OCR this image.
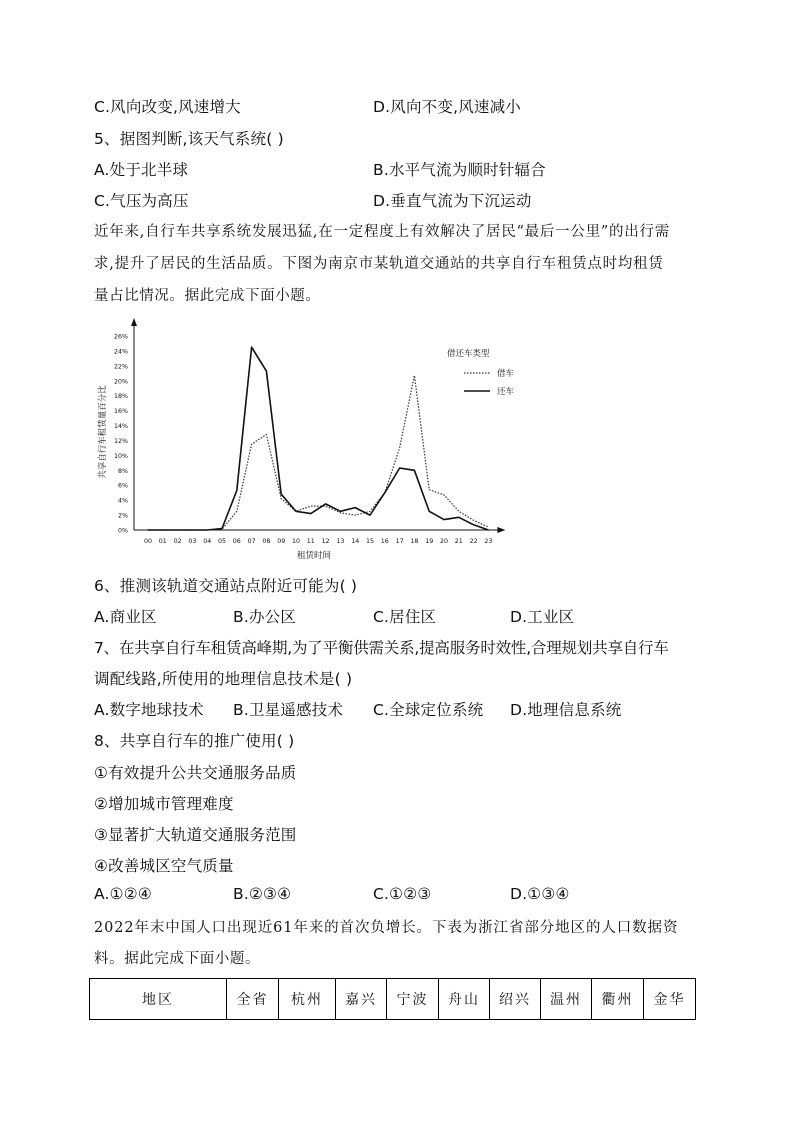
C.风向改变,风速增大	D.风向不变,风速减小
5、据图判断,该天气系统( )
A.处于北半球	B.水平气流为顺时针辐合
C.气压为高压	D.垂直气流为下沉运动
近年来,自行车共享系统发展迅猛,在一定程度上有效解决了居民“最后一公里”的出行需
求,提升了居民的生活品质。下图为南京市某轨道交通站的共享自行车租赁点时均租赁
量占比情况。据此完成下面小题。
共享自行车租赁量百分比
租赁时间
借还车类型
借车
还车
0%
2%
4%
6%
8%
10%
12%
14%
16%
18%
20%
22%
24%
26%
00 01 02 03 04 05 06 07 08 09 10 11 12 13 14 15 16 17 18 19 20 21 22 23
6、推测该轨道交通站点附近可能为( )
A.商业区	B.办公区	C.居住区	D.工业区
7、在共享自行车租赁高峰期,为了平衡供需关系,提高服务时效性,合理规划共享自行车
调配线路,所使用的地理信息技术是( )
A.数字地球技术 B.卫星遥感技术 C.全球定位系统 D.地理信息系统
8、共享自行车的推广使用( )
①有效提升公共交通服务品质
②增加城市管理难度
③显著扩大轨道交通服务范围
④改善城区空气质量
A.①②④	B.②③④	C.①②③	D.①③④
2022年末中国人口出现近61年来的首次负增长。下表为浙江省部分地区的人口数据资
料。据此完成下面小题。
地区	全省	杭州	嘉兴	宁波	舟山	绍兴	温州	衢州	金华
